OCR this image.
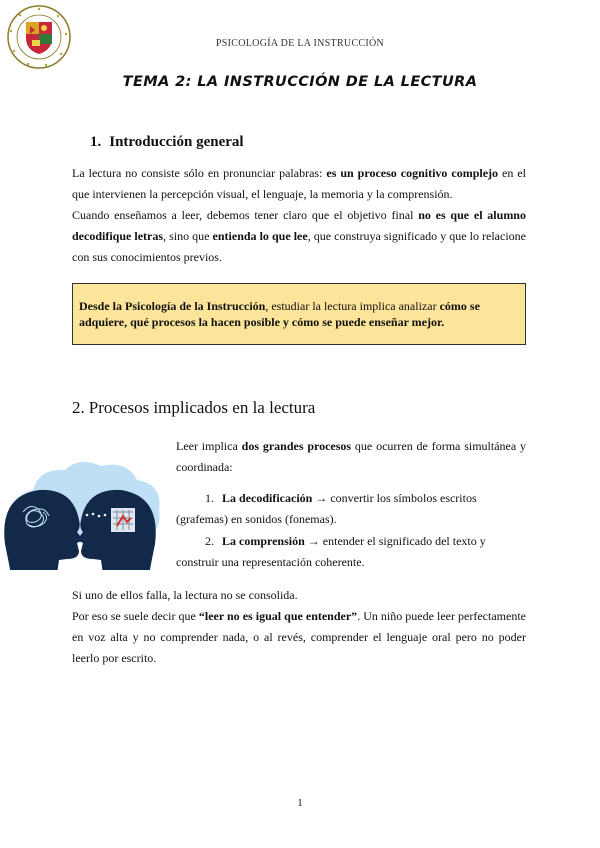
PSICOLOGÍA DE LA INSTRUCCIÓN
TEMA 2: LA INSTRUCCIÓN DE LA LECTURA
1. Introducción general
La lectura no consiste sólo en pronunciar palabras: es un proceso cognitivo complejo en el que intervienen la percepción visual, el lenguaje, la memoria y la comprensión.
Cuando enseñamos a leer, debemos tener claro que el objetivo final no es que el alumno decodifique letras, sino que entienda lo que lee, que construya significado y que lo relacione con sus conocimientos previos.
Desde la Psicología de la Instrucción, estudiar la lectura implica analizar cómo se adquiere, qué procesos la hacen posible y cómo se puede enseñar mejor.
2. Procesos implicados en la lectura
Leer implica dos grandes procesos que ocurren de forma simultánea y coordinada:
1. La decodificación → convertir los símbolos escritos (grafemas) en sonidos (fonemas).
2. La comprensión → entender el significado del texto y construir una representación coherente.
Si uno de ellos falla, la lectura no se consolida.
Por eso se suele decir que “leer no es igual que entender”. Un niño puede leer perfectamente en voz alta y no comprender nada, o al revés, comprender el lenguaje oral pero no poder leerlo por escrito.
1
